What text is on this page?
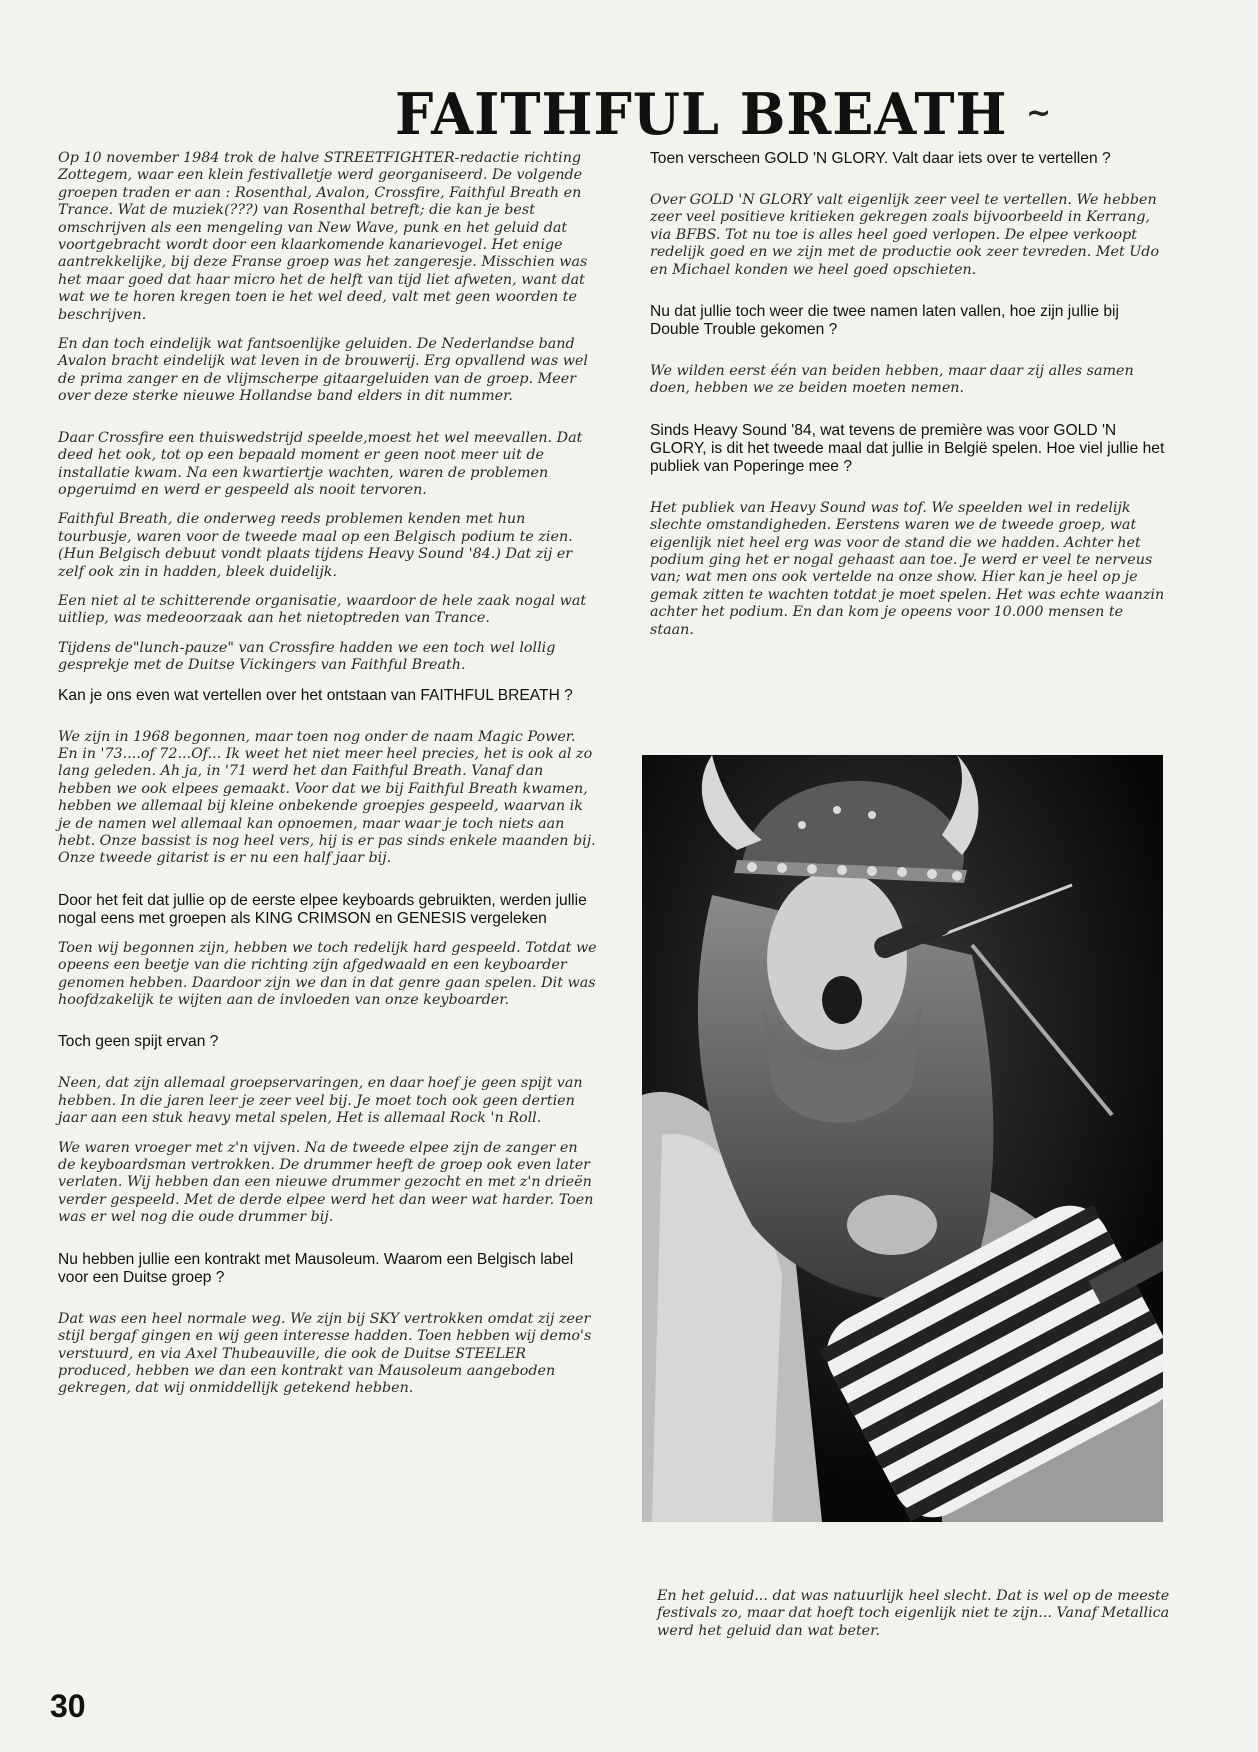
FAITHFUL BREATH ~

Op 10 november 1984 trok de halve STREETFIGHTER-redactie richting Zottegem, waar een klein festivalletje werd georganiseerd. De volgende groepen traden er aan : Rosenthal, Avalon, Crossfire, Faithful Breath en Trance. Wat de muziek(???) van Rosenthal betreft; die kan je best omschrijven als een mengeling van New Wave, punk en het geluid dat voortgebracht wordt door een klaarkomende kanarievogel. Het enige aantrekkelijke, bij deze Franse groep was het zangeresje. Misschien was het maar goed dat haar micro het de helft van tijd liet afweten, want dat wat we te horen kregen toen ie het wel deed, valt met geen woorden te beschrijven.

En dan toch eindelijk wat fantsoenlijke geluiden. De Nederlandse band Avalon bracht eindelijk wat leven in de brouwerij. Erg opvallend was wel de prima zanger en de vlijmscherpe gitaargeluiden van de groep. Meer over deze sterke nieuwe Hollandse band elders in dit nummer.

Daar Crossfire een thuiswedstrijd speelde,moest het wel meevallen. Dat deed het ook, tot op een bepaald moment er geen noot meer uit de installatie kwam. Na een kwartiertje wachten, waren de problemen opgeruimd en werd er gespeeld als nooit tervoren.

Faithful Breath, die onderweg reeds problemen kenden met hun tourbusje, waren voor de tweede maal op een Belgisch podium te zien.(Hun Belgisch debuut vondt plaats tijdens Heavy Sound '84.) Dat zij er zelf ook zin in hadden, bleek duidelijk.

Een niet al te schitterende organisatie, waardoor de hele zaak nogal wat uitliep, was medeoorzaak aan het nietoptreden van Trance.

Tijdens de"lunch-pauze" van Crossfire hadden we een toch wel lollig gesprekje met de Duitse Vickingers van Faithful Breath.

Kan je ons even wat vertellen over het ontstaan van FAITHFUL BREATH ?

We zijn in 1968 begonnen, maar toen nog onder de naam Magic Power. En in '73....of 72...Of... Ik weet het niet meer heel precies, het is ook al zo lang geleden. Ah ja, in '71 werd het dan Faithful Breath. Vanaf dan hebben we ook elpees gemaakt. Voor dat we bij Faithful Breath kwamen, hebben we allemaal bij kleine onbekende groepjes gespeeld, waarvan ik je de namen wel allemaal kan opnoemen, maar waar je toch niets aan hebt. Onze bassist is nog heel vers, hij is er pas sinds enkele maanden bij. Onze tweede gitarist is er nu een half jaar bij.

Door het feit dat jullie op de eerste elpee keyboards gebruikten, werden jullie nogal eens met groepen als KING CRIMSON en GENESIS vergeleken

Toen wij begonnen zijn, hebben we toch redelijk hard gespeeld. Totdat we opeens een beetje van die richting zijn afgedwaald en een keyboarder genomen hebben. Daardoor zijn we dan in dat genre gaan spelen. Dit was hoofdzakelijk te wijten aan de invloeden van onze keyboarder.

Toch geen spijt ervan ?

Neen, dat zijn allemaal groepservaringen, en daar hoef je geen spijt van hebben. In die jaren leer je zeer veel bij. Je moet toch ook geen dertien jaar aan een stuk heavy metal spelen, Het is allemaal Rock 'n Roll.

We waren vroeger met z'n vijven. Na de tweede elpee zijn de zanger en de keyboardsman vertrokken. De drummer heeft de groep ook even later verlaten. Wij hebben dan een nieuwe drummer gezocht en met z'n drieën verder gespeeld. Met de derde elpee werd het dan weer wat harder. Toen was er wel nog die oude drummer bij.

Nu hebben jullie een kontrakt met Mausoleum. Waarom een Belgisch label voor een Duitse groep ?

Dat was een heel normale weg. We zijn bij SKY vertrokken omdat zij zeer stijl bergaf gingen en wij geen interesse hadden. Toen hebben wij demo's verstuurd, en via Axel Thubeauville, die ook de Duitse STEELER produced, hebben we dan een kontrakt van Mausoleum aangeboden gekregen, dat wij onmiddellijk getekend hebben.

Toen verscheen GOLD 'N GLORY. Valt daar iets over te vertellen ?

Over GOLD 'N GLORY valt eigenlijk zeer veel te vertellen. We hebben zeer veel positieve kritieken gekregen zoals bijvoorbeeld in Kerrang, via BFBS. Tot nu toe is alles heel goed verlopen. De elpee verkoopt redelijk goed en we zijn met de productie ook zeer tevreden. Met Udo en Michael konden we heel goed opschieten.

Nu dat jullie toch weer die twee namen laten vallen, hoe zijn jullie bij Double Trouble gekomen ?

We wilden eerst één van beiden hebben, maar daar zij alles samen doen, hebben we ze beiden moeten nemen.

Sinds Heavy Sound '84, wat tevens de première was voor GOLD 'N GLORY, is dit het tweede maal dat jullie in België spelen. Hoe viel jullie het publiek van Poperinge mee ?

Het publiek van Heavy Sound was tof. We speelden wel in redelijk slechte omstandigheden. Eerstens waren we de tweede groep, wat eigenlijk niet heel erg was voor de stand die we hadden. Achter het podium ging het er nogal gehaast aan toe. Je werd er veel te nerveus van; wat men ons ook vertelde na onze show. Hier kan je heel op je gemak zitten te wachten totdat je moet spelen. Het was echte waanzin achter het podium. En dan kom je opeens voor 10.000 mensen te staan.

En het geluid... dat was natuurlijk heel slecht. Dat is wel op de meeste festivals zo, maar dat hoeft toch eigenlijk niet te zijn... Vanaf Metallica werd het geluid dan wat beter.

30
